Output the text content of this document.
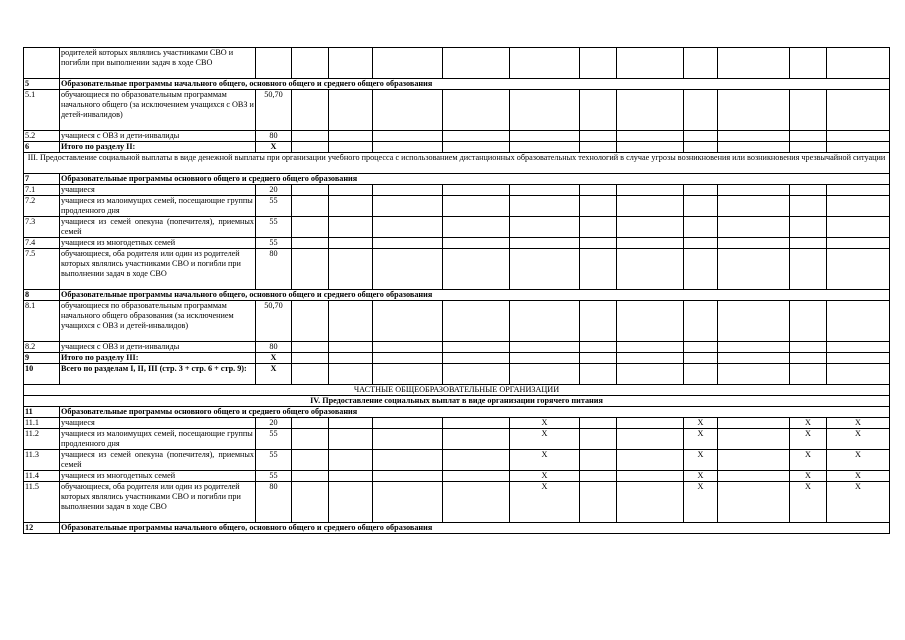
	родителей которых являлись участниками СВО и погибли при выполнении задач в ходе СВО												
5	Образовательные программы начального общего, основного общего и среднего общего образования												
5.1	обучающиеся по образовательным программам начального общего (за исключением учащихся с ОВЗ и детей-инвалидов)	50,70											
5.2	учащиеся с ОВЗ и дети-инвалиды	80											
6	Итого по разделу II:	X											
III. Предоставление социальной выплаты в виде денежной выплаты при организации учебного процесса с использованием дистанционных образовательных технологий в случае угрозы возникновения или возникновения чрезвычайной ситуации													
7	Образовательные программы основного общего и среднего общего образования												
7.1	учащиеся	20											
7.2	учащиеся из малоимущих семей, посещающие группы продленного дня	55											
7.3	учащиеся из семей опекуна (попечителя), приемных семей	55											
7.4	учащиеся из многодетных семей	55											
7.5	обучающиеся, оба родителя или один из родителей которых являлись участниками СВО и погибли при выполнении задач в ходе СВО	80											
8	Образовательные программы начального общего, основного общего и среднего общего образования												
8.1	обучающиеся по образовательным программам начального общего образования (за исключением учащихся с ОВЗ и детей-инвалидов)	50,70											
8.2	учащиеся с ОВЗ и дети-инвалиды	80											
9	Итого по разделу III:	X											
10	Всего по разделам I, II, III (стр. 3 + стр. 6 + стр. 9):	X											
ЧАСТНЫЕ ОБЩЕОБРАЗОВАТЕЛЬНЫЕ ОРГАНИЗАЦИИ													
IV. Предоставление социальных выплат в виде организации горячего питания													
11	Образовательные программы основного общего и среднего общего образования												
11.1	учащиеся	20					X			X		X	X
11.2	учащиеся из малоимущих семей, посещающие группы продленного дня	55					X			X		X	X
11.3	учащиеся из семей опекуна (попечителя), приемных семей	55					X			X		X	X
11.4	учащиеся из многодетных семей	55					X			X		X	X
11.5	обучающиеся, оба родителя или один из родителей которых являлись участниками СВО и погибли при выполнении задач в ходе СВО	80					X			X		X	X
12	Образовательные программы начального общего, основного общего и среднего общего образования												
